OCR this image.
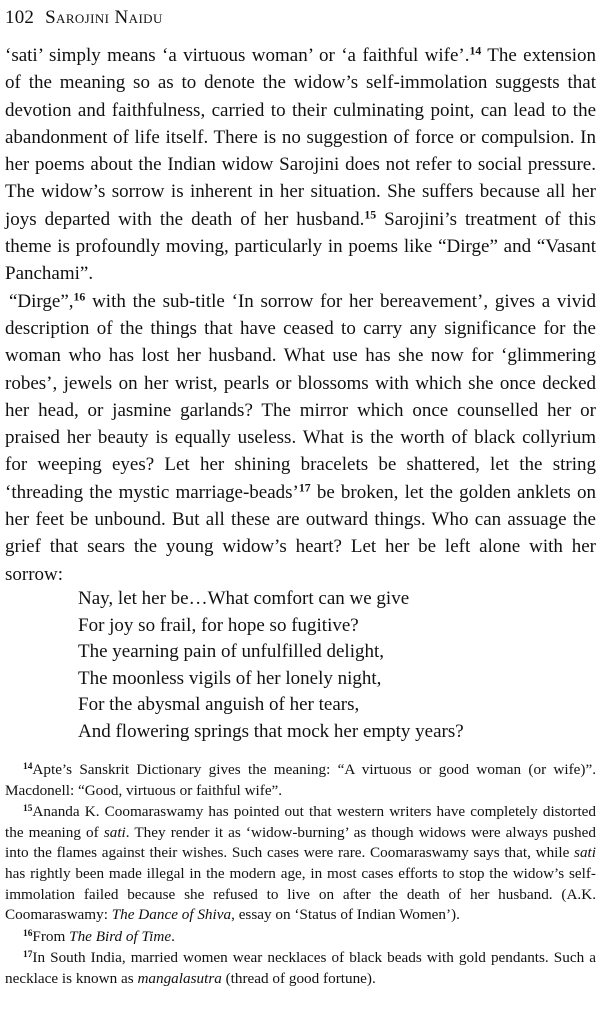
102 Sarojini Naidu

‘sati’ simply means ‘a virtuous woman’ or ‘a faithful wife’.$^{14}$ The extension of the meaning so as to denote the widow’s self-immolation suggests that devotion and faithfulness, carried to their culminating point, can lead to the abandonment of life itself. There is no suggestion of force or compulsion. In her poems about the Indian widow Sarojini does not refer to social pressure. The widow’s sorrow is inherent in her situation. She suffers because all her joys departed with the death of her husband.$^{15}$ Sarojini’s treatment of this theme is profoundly moving, particularly in poems like “Dirge” and “Vasant Panchami”.

“Dirge”,$^{16}$ with the sub-title ‘In sorrow for her bereavement’, gives a vivid description of the things that have ceased to carry any significance for the woman who has lost her husband. What use has she now for ‘glimmering robes’, jewels on her wrist, pearls or blossoms with which she once decked her head, or jasmine garlands? The mirror which once counselled her or praised her beauty is equally useless. What is the worth of black collyrium for weeping eyes? Let her shining bracelets be shattered, let the string ‘threading the mystic marriage-beads’$^{17}$ be broken, let the golden anklets on her feet be unbound. But all these are outward things. Who can assuage the grief that sears the young widow’s heart? Let her be left alone with her sorrow:

Nay, let her be…What comfort can we give
For joy so frail, for hope so fugitive?
The yearning pain of unfulfilled delight,
The moonless vigils of her lonely night,
For the abysmal anguish of her tears,
And flowering springs that mock her empty years?

$^{14}$Apte’s Sanskrit Dictionary gives the meaning: “A virtuous or good woman (or wife)”. Macdonell: “Good, virtuous or faithful wife”.

$^{15}$Ananda K. Coomaraswamy has pointed out that western writers have completely distorted the meaning of sati. They render it as ‘widow-burning’ as though widows were always pushed into the flames against their wishes. Such cases were rare. Coomaraswamy says that, while sati has rightly been made illegal in the modern age, in most cases efforts to stop the widow’s self-immolation failed because she refused to live on after the death of her husband. (A.K. Coomaraswamy: The Dance of Shiva, essay on ‘Status of Indian Women’).

$^{16}$From The Bird of Time.

$^{17}$In South India, married women wear necklaces of black beads with gold pendants. Such a necklace is known as mangalasutra (thread of good fortune).
